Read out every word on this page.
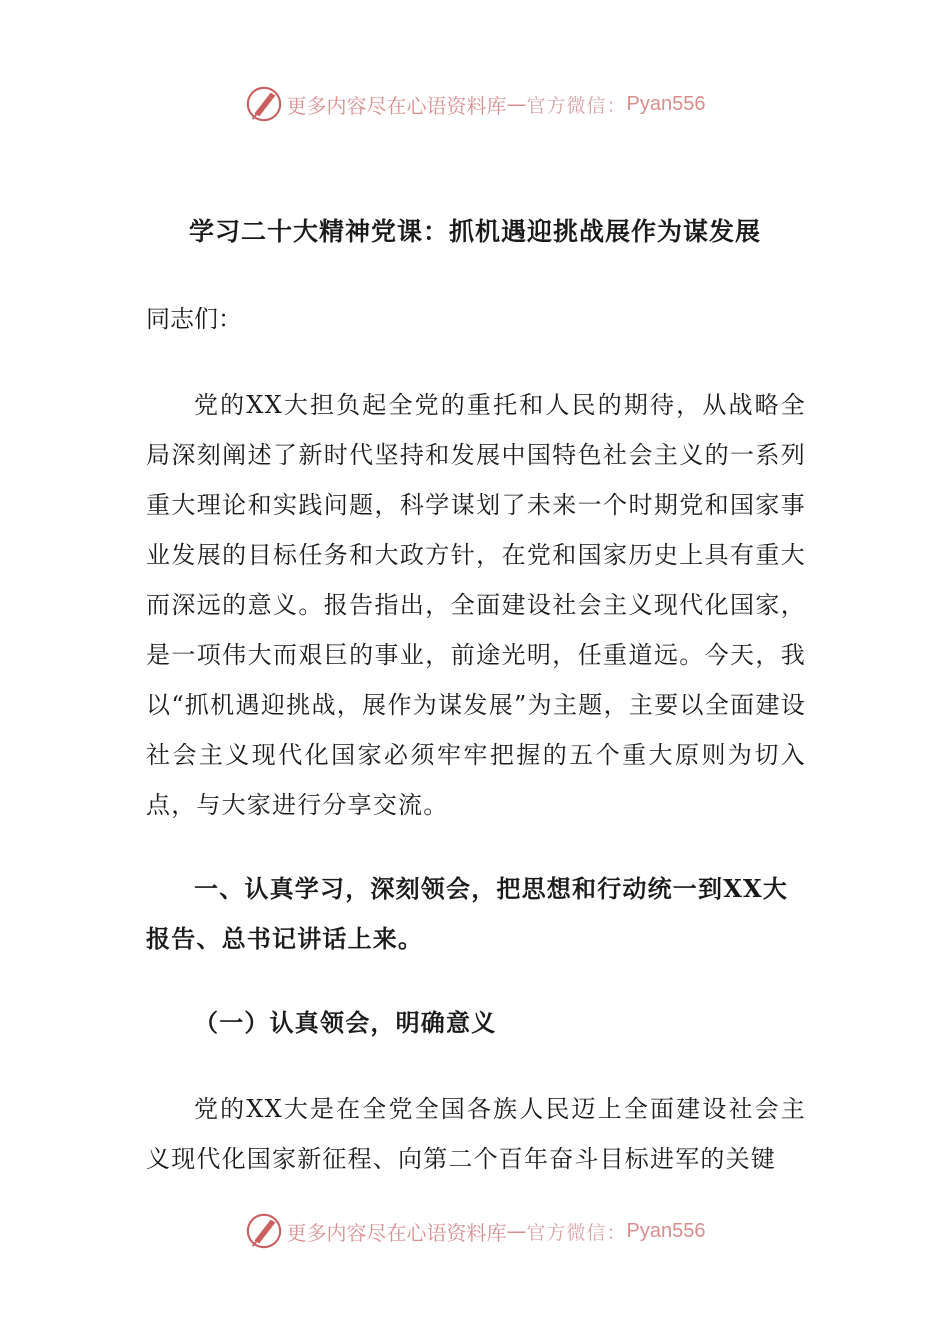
更多内容尽在心语资料库 — 官方微信： Pyan556
学习二十大精神党课：抓机遇迎挑战展作为谋发展
同志们：

党的XX大担负起全党的重托和人民的期待，从战略全局深刻阐述了新时代坚持和发展中国特色社会主义的一系列重大理论和实践问题，科学谋划了未来一个时期党和国家事业发展的目标任务和大政方针，在党和国家历史上具有重大而深远的意义。报告指出，全面建设社会主义现代化国家，是一项伟大而艰巨的事业，前途光明，任重道远。今天，我以“抓机遇迎挑战，展作为谋发展”为主题，主要以全面建设社会主义现代化国家必须牢牢把握的五个重大原则为切入点，与大家进行分享交流。

一、认真学习，深刻领会，把思想和行动统一到XX大报告、总书记讲话上来。

（一）认真领会，明确意义

党的XX大是在全党全国各族人民迈上全面建设社会主义现代化国家新征程、向第二个百年奋斗目标进军的关键

更多内容尽在心语资料库 — 官方微信： Pyan556
